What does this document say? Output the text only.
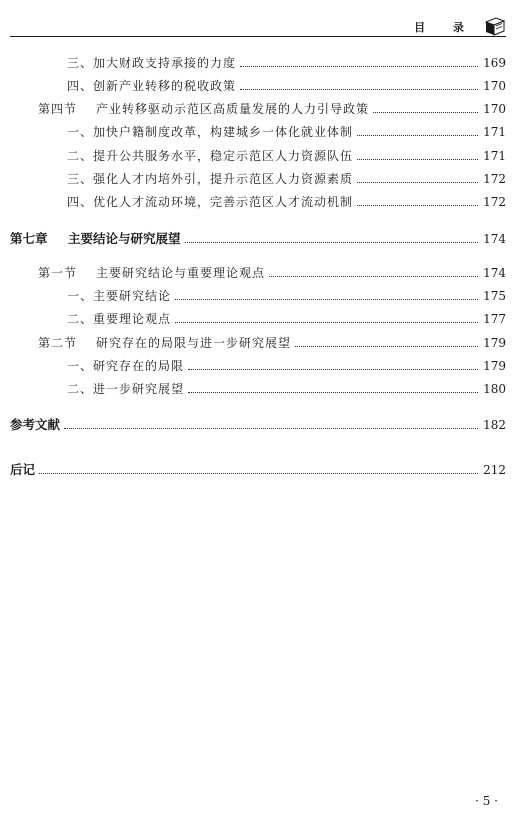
目 录
三、加大财政支持承接的力度	169
四、创新产业转移的税收政策	170
第四节 产业转移驱动示范区高质量发展的人力引导政策	170
一、加快户籍制度改革，构建城乡一体化就业体制	171
二、提升公共服务水平，稳定示范区人力资源队伍	171
三、强化人才内培外引，提升示范区人力资源素质	172
四、优化人才流动环境，完善示范区人才流动机制	172
第七章 主要结论与研究展望	174
第一节 主要研究结论与重要理论观点	174
一、主要研究结论	175
二、重要理论观点	177
第二节 研究存在的局限与进一步研究展望	179
一、研究存在的局限	179
二、进一步研究展望	180
参考文献	182
后记	212
· 5 ·
